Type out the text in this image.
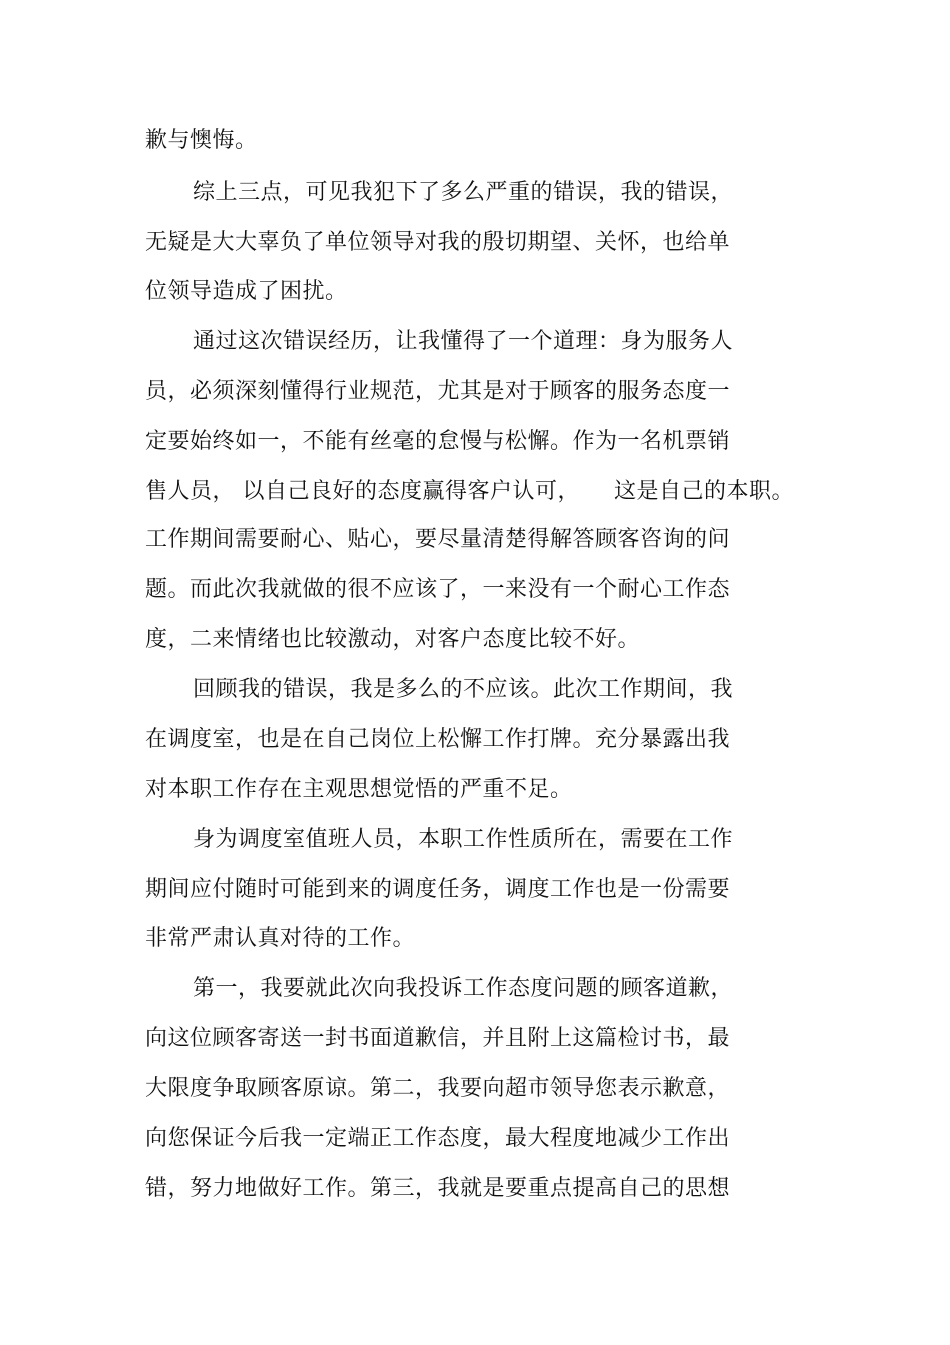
歉与懊悔。
综上三点，可见我犯下了多么严重的错误，我的错误，
无疑是大大辜负了单位领导对我的殷切期望、关怀，也给单
位领导造成了困扰。
通过这次错误经历，让我懂得了一个道理：身为服务人
员，必须深刻懂得行业规范，尤其是对于顾客的服务态度一
定要始终如一，不能有丝毫的怠慢与松懈。作为一名机票销
售人员， 以自己良好的态度赢得客户认可，　　这是自己的本职。
工作期间需要耐心、贴心，要尽量清楚得解答顾客咨询的问
题。而此次我就做的很不应该了，一来没有一个耐心工作态
度，二来情绪也比较激动，对客户态度比较不好。
回顾我的错误，我是多么的不应该。此次工作期间，我
在调度室，也是在自己岗位上松懈工作打牌。充分暴露出我
对本职工作存在主观思想觉悟的严重不足。
身为调度室值班人员，本职工作性质所在，需要在工作
期间应付随时可能到来的调度任务，调度工作也是一份需要
非常严肃认真对待的工作。
第一，我要就此次向我投诉工作态度问题的顾客道歉，
向这位顾客寄送一封书面道歉信，并且附上这篇检讨书，最
大限度争取顾客原谅。第二，我要向超市领导您表示歉意，
向您保证今后我一定端正工作态度，最大程度地减少工作出
错，努力地做好工作。第三，我就是要重点提高自己的思想
